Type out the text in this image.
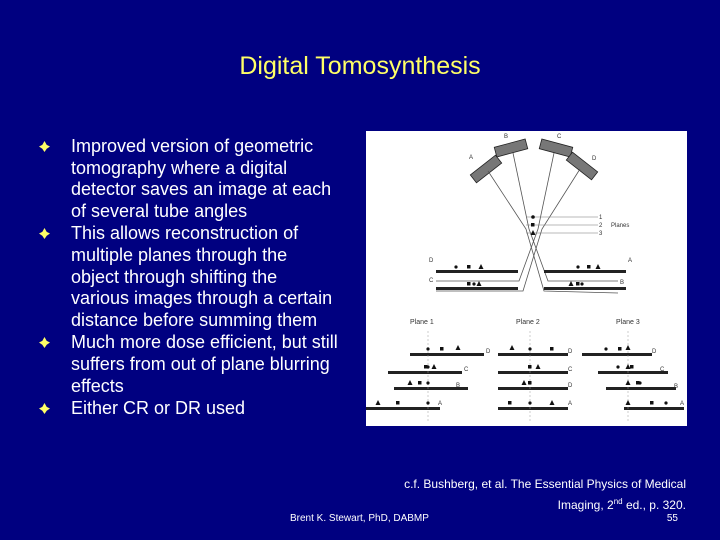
Digital Tomosynthesis
Improved version of geometric tomography where a digital detector saves an image at each of several tube angles
This allows reconstruction of multiple planes through the object through shifting the various images through a certain distance before summing them
Much more dose efficient, but still suffers from out of plane blurring effects
Either CR or DR used
A
B	C
D
1
2
3
Planes
D
C
A
B
Plane 1	Plane 2	Plane 3
D
C
B
A
D
C
D
A
D
C
B
A
c.f. Bushberg, et al. The Essential Physics of Medical
Imaging, 2nd ed., p. 320.
Brent K. Stewart, PhD, DABMP	55
